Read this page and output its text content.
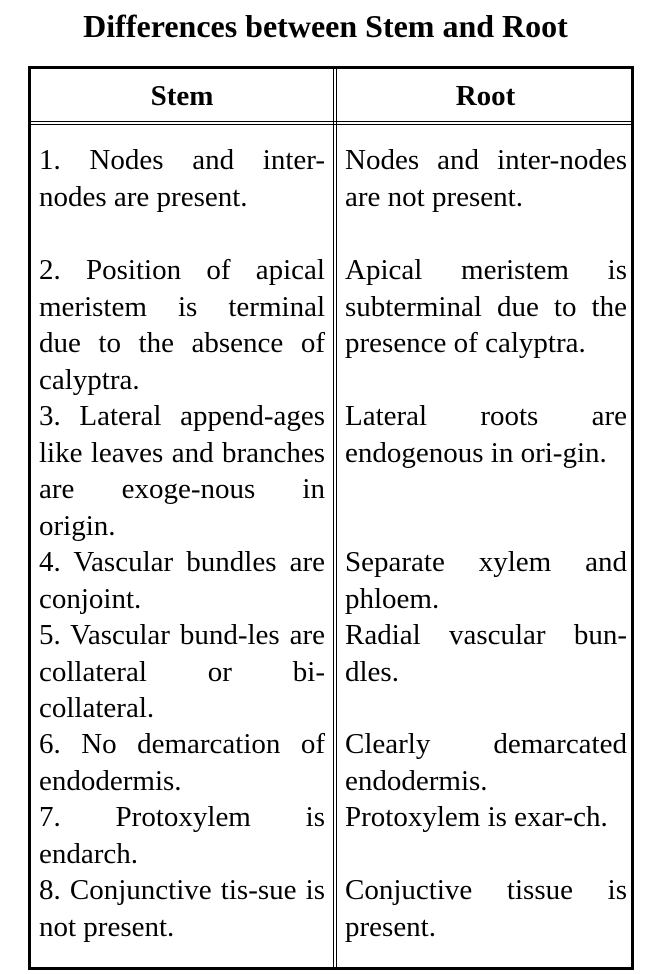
Differences between Stem and Root
Stem	Root
1. Nodes and inter-nodes are present.
Nodes and inter-nodes are not present.
2. Position of apical meristem is terminal due to the absence of calyptra.
Apical meristem is subterminal due to the presence of calyptra.
3. Lateral append-ages like leaves and branches are exoge-nous in origin.
Lateral roots are endogenous in ori-gin.
4. Vascular bundles are conjoint.
Separate xylem and phloem.
5. Vascular bund-les are collateral or bi-collateral.
Radial vascular bun-dles.
6. No demarcation of endodermis.
Clearly demarcated endodermis.
7. Protoxylem is endarch.
Protoxylem is exar-ch.
8. Conjunctive tis-sue is not present.
Conjuctive tissue is present.
